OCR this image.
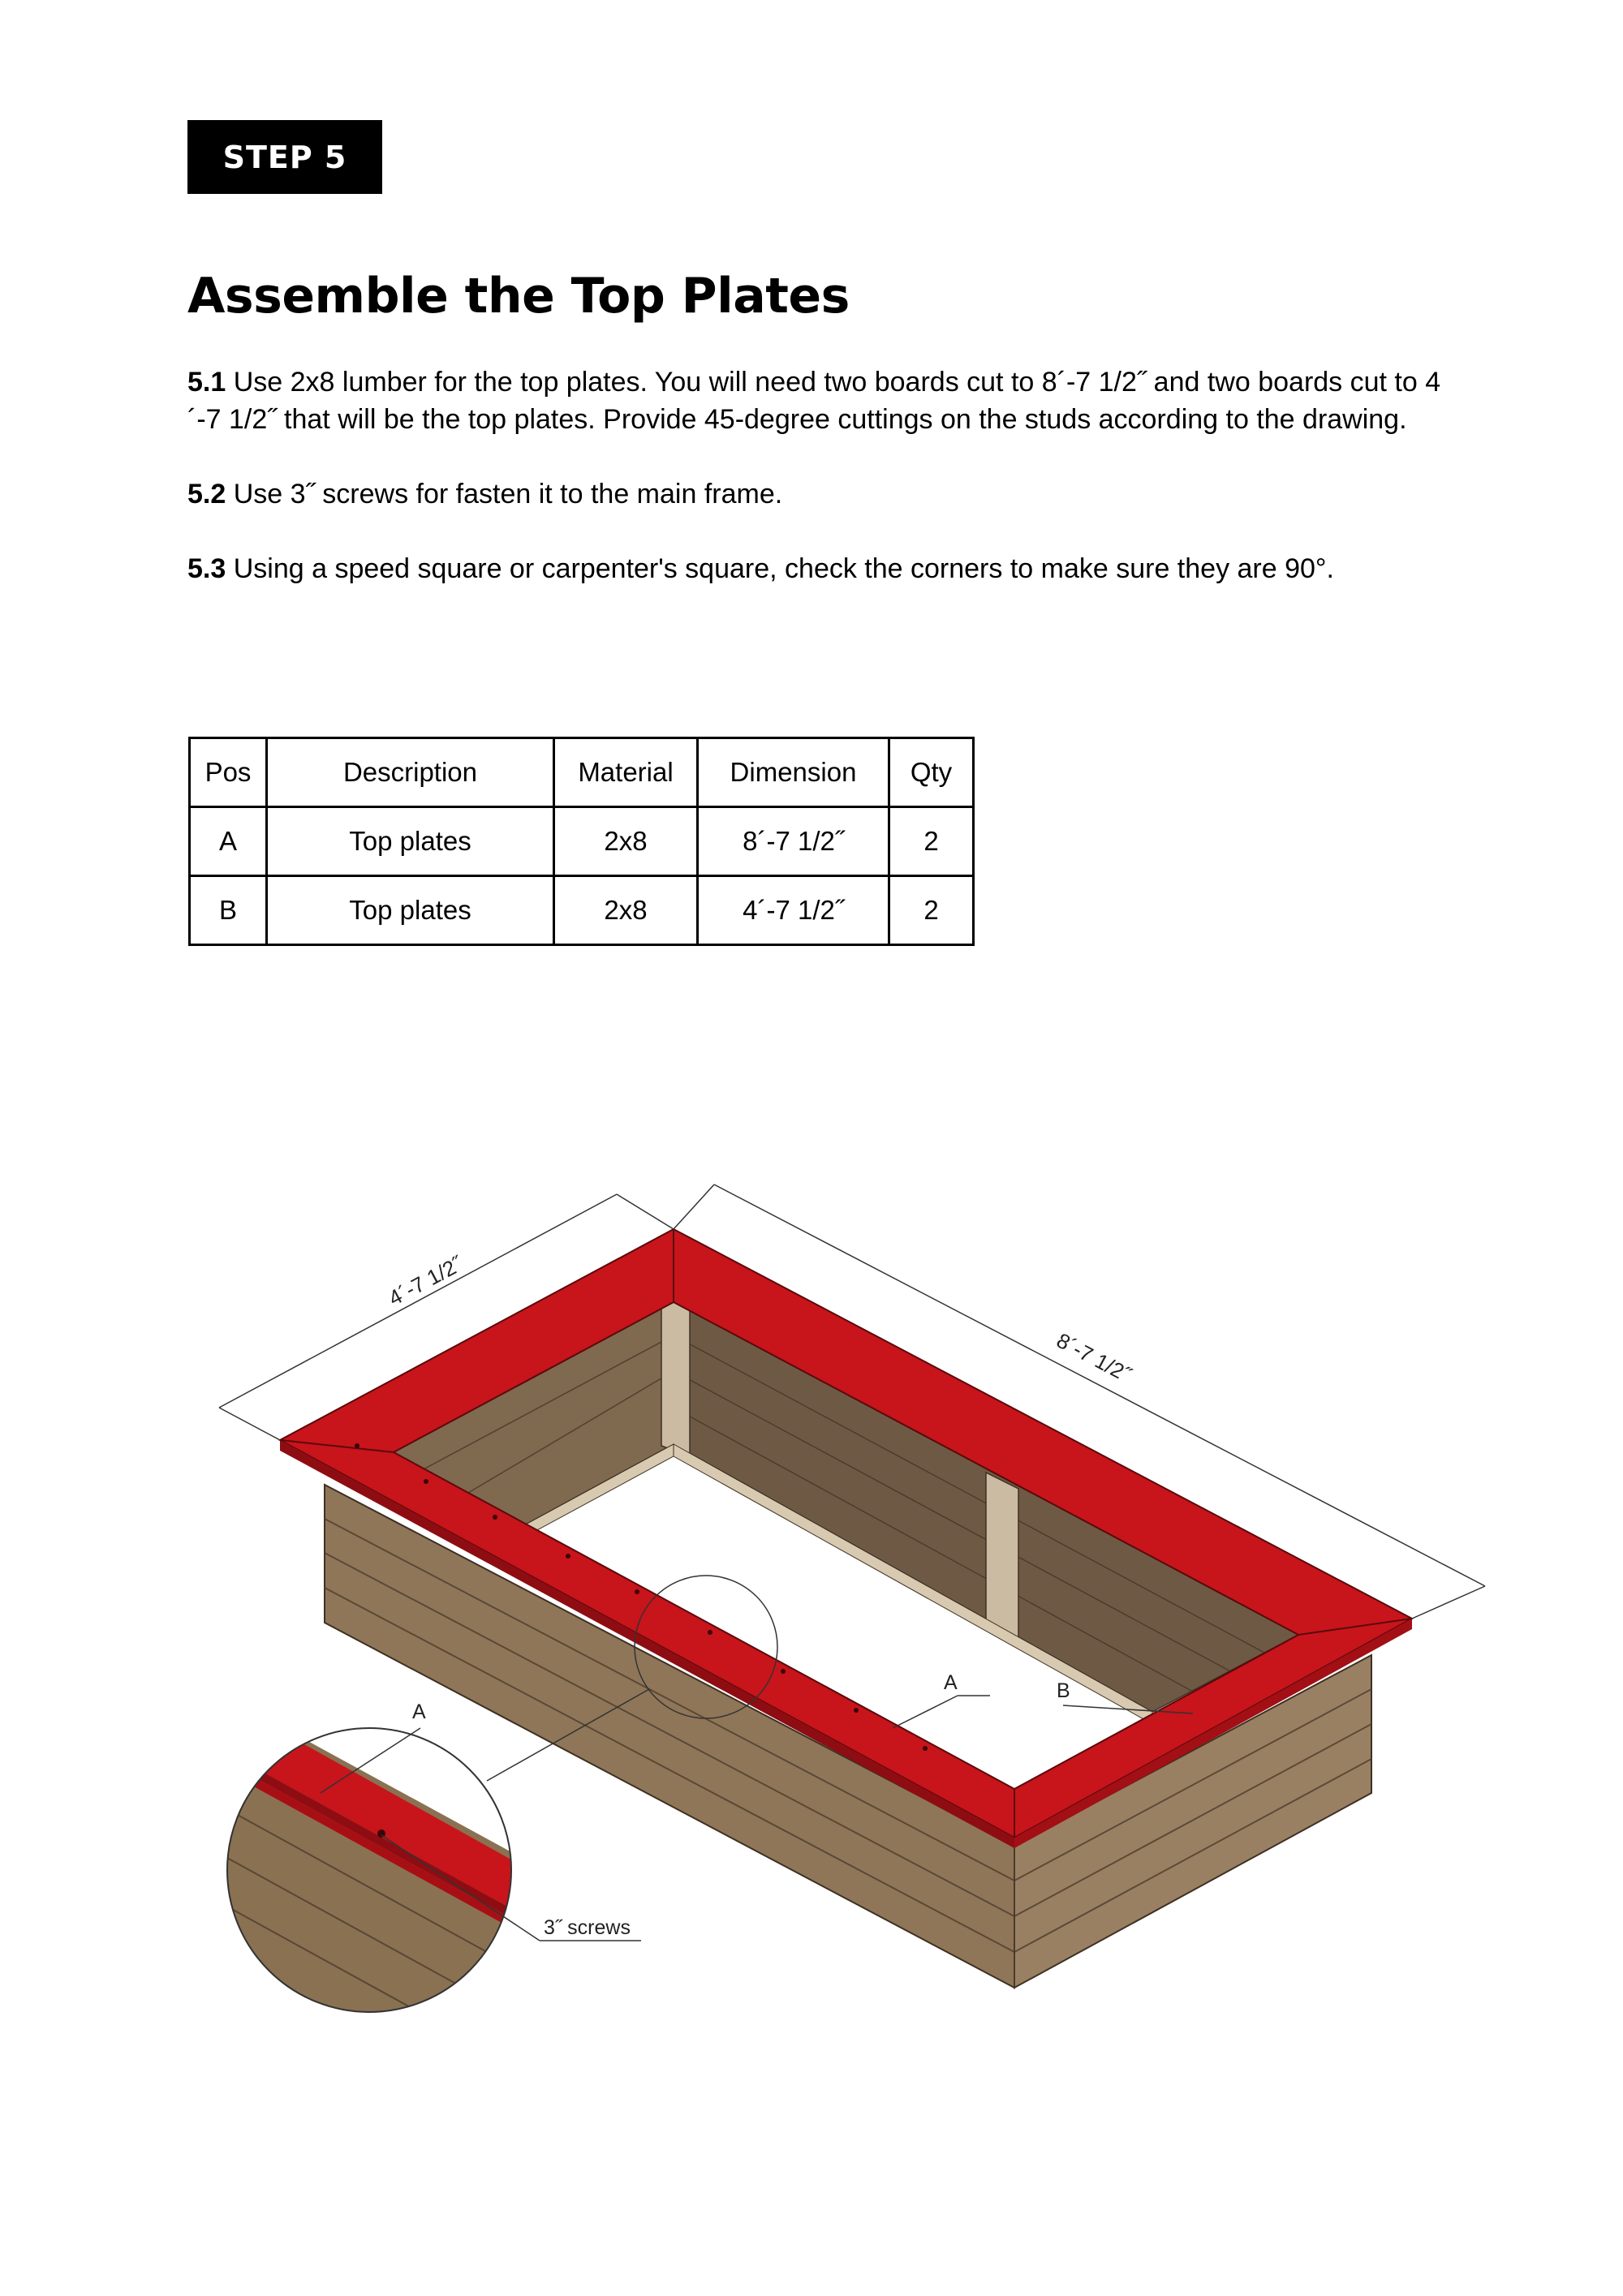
STEP 5
Assemble the Top Plates

5.1 Use 2x8 lumber for the top plates. You will need two boards cut to 8´-7 1/2˝ and two boards cut to 4´-7 1/2˝ that will be the top plates. Provide 45-degree cuttings on the studs according to the drawing.

5.2 Use 3˝ screws for fasten it to the main frame.

5.3 Using a speed square or carpenter's square, check the corners to make sure they are 90°.

Pos	Description	Material	Dimension	Qty
A	Top plates	2x8	8´-7 1/2˝	2
B	Top plates	2x8	4´-7 1/2˝	2
4´-7 1/2˝
8´-7 1/2˝
A	B
A
3˝ screws
